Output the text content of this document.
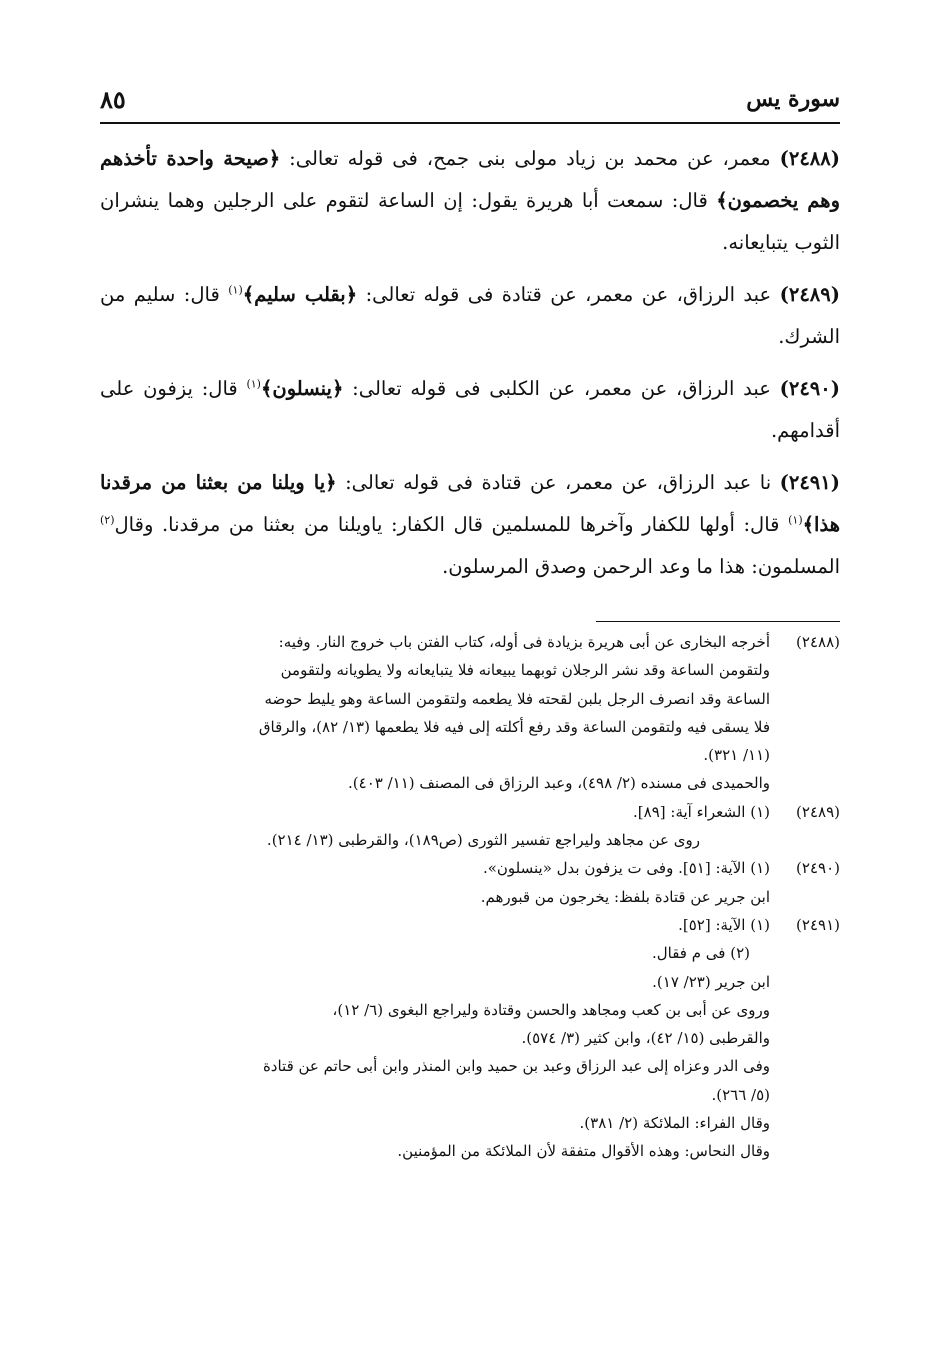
سورة يس
٨٥

(٢٤٨٨) معمر، عن محمد بن زياد مولى بنى جمح، فى قوله تعالى: ﴿صيحة واحدة تأخذهم وهم يخصمون﴾ قال: سمعت أبا هريرة يقول: إن الساعة لتقوم على الرجلين وهما ينشران الثوب يتبايعانه.

(٢٤٨٩) عبد الرزاق، عن معمر، عن قتادة فى قوله تعالى: ﴿بقلب سليم﴾$^{(١)}$ قال: سليم من الشرك.

(٢٤٩٠) عبد الرزاق، عن معمر، عن الكلبى فى قوله تعالى: ﴿ينسلون﴾$^{(١)}$ قال: يزفون على أقدامهم.

(٢٤٩١) نا عبد الرزاق، عن معمر، عن قتادة فى قوله تعالى: ﴿يا ويلنا من بعثنا من مرقدنا هذا﴾$^{(١)}$ قال: أولها للكفار وآخرها للمسلمين قال الكفار: ياويلنا من بعثنا من مرقدنا. وقال$^{(٢)}$ المسلمون: هذا ما وعد الرحمن وصدق المرسلون.

(٢٤٨٨)
أخرجه البخارى عن أبى هريرة بزيادة فى أوله، كتاب الفتن باب خروج النار. وفيه:
ولتقومن الساعة وقد نشر الرجلان ثوبهما يبيعانه فلا يتبايعانه ولا يطويانه ولتقومن
الساعة وقد انصرف الرجل بلبن لقحته فلا يطعمه ولتقومن الساعة وهو يليط حوضه
فلا يسقى فيه ولتقومن الساعة وقد رفع أكلته إلى فيه فلا يطعمها (١٣/ ٨٢)، والرقاق
(١١/ ٣٢١).
والحميدى فى مسنده (٢/ ٤٩٨)، وعبد الرزاق فى المصنف (١١/ ٤٠٣).
(٢٤٨٩)
(١) الشعراء آية: [٨٩].
روى عن مجاهد وليراجع تفسير الثورى (ص١٨٩)، والقرطبى (١٣/ ٢١٤).
(٢٤٩٠)
(١) الآية: [٥١]. وفى ت يزفون بدل «ينسلون».
ابن جرير عن قتادة بلفظ: يخرجون من قبورهم.
(٢٤٩١)
(١) الآية: [٥٢].
(٢) فى م فقال.
ابن جرير (٢٣/ ١٧).
وروى عن أبى بن كعب ومجاهد والحسن وقتادة وليراجع البغوى (٦/ ١٢)،
والقرطبى (١٥/ ٤٢)، وابن كثير (٣/ ٥٧٤).
وفى الدر وعزاه إلى عبد الرزاق وعبد بن حميد وابن المنذر وابن أبى حاتم عن قتادة
(٥/ ٢٦٦).
وقال الفراء: الملائكة (٢/ ٣٨١).
وقال النحاس: وهذه الأقوال متفقة لأن الملائكة من المؤمنين.
